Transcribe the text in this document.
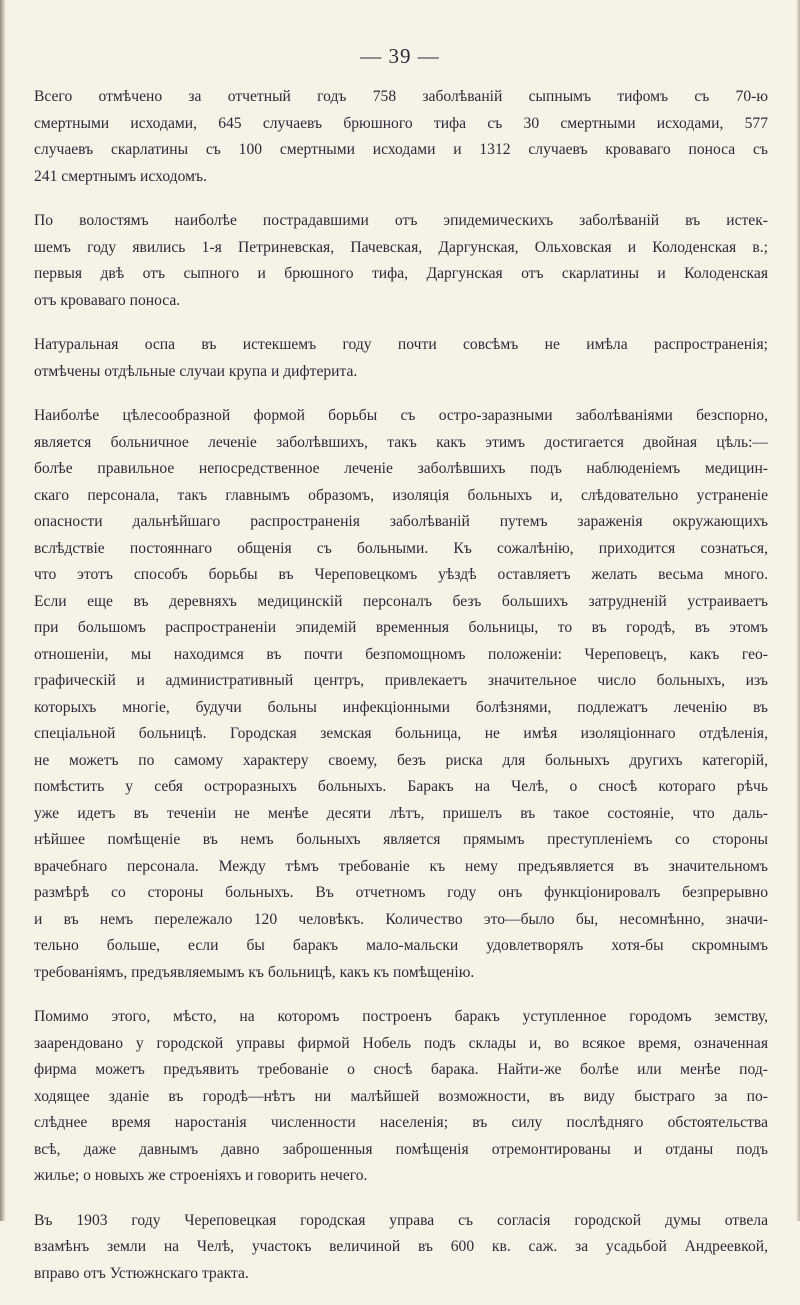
— 39 —
Всего отмѣчено за отчетный годъ 758 заболѣваній сыпнымъ тифомъ съ 70-ю
смертными исходами, 645 случаевъ брюшного тифа съ 30 смертными исходами, 577
случаевъ скарлатины съ 100 смертными исходами и 1312 случаевъ кровaваго поноса съ
241 смертнымъ исходомъ.
По волостямъ наиболѣе пострадавшими отъ эпидемическихъ заболѣваній въ истек-
шемъ году явились 1-я Петриневская, Пачевская, Даргунская, Ольховская и Колоденская в.;
первыя двѣ отъ сыпного и брюшного тифа, Даргунская отъ скарлатины и Колоденская
отъ кровaваго поноса.
Натуральная оспа въ истекшемъ году почти совсѣмъ не имѣла распространенія;
отмѣчены отдѣльные случаи крупа и дифтерита.
Наиболѣе цѣлесообразной формой борьбы съ остро-заразными заболѣваніями безспорно,
является больничное леченіе заболѣвшихъ, такъ какъ этимъ достигается двойная цѣль:—
болѣе правильное непосредственное леченіе заболѣвшихъ подъ наблюденіемъ медицин-
скаго персонала, такъ главнымъ образомъ, изоляція больныхъ и, слѣдовательно устраненіе
опасности дальнѣйшаго распространенія заболѣваній путемъ зараженія окружающихъ
вслѣдствіе постояннаго общенія съ больными. Къ сожалѣнію, приходится сознаться,
что этотъ способъ борьбы въ Череповецкомъ уѣздѣ оставляетъ желать весьма много.
Если еще въ деревняхъ медицинскій персоналъ безъ большихъ затрудненій устраиваетъ
при большомъ распространеніи эпидемій временныя больницы, то въ городѣ, въ этомъ
отношеніи, мы находимся въ почти безпомощномъ положеніи: Череповецъ, какъ гео-
графическій и административный центръ, привлекаетъ значительное число больныхъ, изъ
которыхъ многіе, будучи больны инфекціонными болѣзнями, подлежатъ леченію въ
спеціальной больницѣ. Городская земская больница, не имѣя изоляціоннаго отдѣленія,
не можетъ по самому характеру своему, безъ риска для больныхъ другихъ категорій,
помѣстить у себя остроразныхъ больныхъ. Баракъ на Челѣ, о сносѣ котораго рѣчь
уже идетъ въ теченіи не менѣе десяти лѣтъ, пришелъ въ такое состояніе, что даль-
нѣйшее помѣщеніе въ немъ больныхъ является прямымъ преступленіемъ со стороны
врачебнаго персонала. Между тѣмъ требованіе къ нему предъявляется въ значительномъ
размѣрѣ со стороны больныхъ. Въ отчетномъ году онъ функціонировалъ безпрерывно
и въ немъ перележало 120 человѣкъ. Количество это—было бы, несомнѣнно, значи-
тельно больше, если бы баракъ мало-мальски удовлетворялъ хотя-бы скромнымъ
требованіямъ, предъявляемымъ къ больницѣ, какъ къ помѣщенію.
Помимо этого, мѣсто, на которомъ построенъ баракъ уступленное городомъ земству,
заарендовано у городской управы фирмой Нобель подъ склады и, во всякое время, означенная
фирма можетъ предъявить требованіе о сносѣ барака. Найти-же болѣе или менѣе под-
ходящее зданіе въ городѣ—нѣтъ ни малѣйшей возможности, въ виду быстраго за по-
слѣднее время наростанія численности населенія; въ силу послѣдняго обстоятельства
всѣ, даже давнымъ давно заброшенныя помѣщенія отремонтированы и отданы подъ
жилье; о новыхъ же строеніяхъ и говорить нечего.
Въ 1903 году Череповецкая городская управа съ согласія городской думы отвела
взамѣнъ земли на Челѣ, участокъ величиной въ 600 кв. саж. за усадьбой Андреевкой,
вправо отъ Устюжнскаго тракта.
